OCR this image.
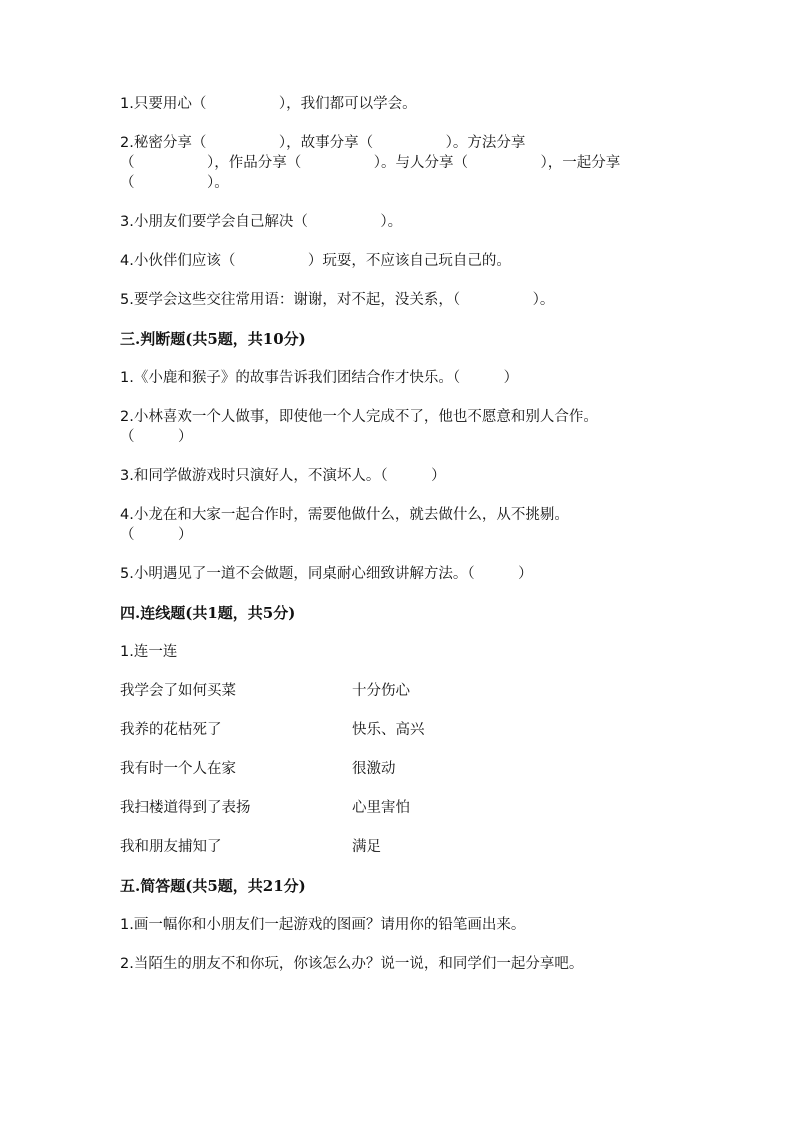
1.只要用心（　　　　　），我们都可以学会。

2.秘密分享（　　　　　），故事分享（　　　　　）。方法分享

（　　　　　），作品分享（　　　　　）。与人分享（　　　　　），一起分享

（　　　　　）。

3.小朋友们要学会自己解决（　　　　　）。

4.小伙伴们应该（　　　　　）玩耍，不应该自己玩自己的。

5.要学会这些交往常用语：谢谢，对不起，没关系，（　　　　　）。

三.判断题(共5题，共10分)

1.《小鹿和猴子》的故事告诉我们团结合作才快乐。（　　　）

2.小林喜欢一个人做事，即使他一个人完成不了，他也不愿意和别人合作。

（　　　）

3.和同学做游戏时只演好人，不演坏人。（　　　）

4.小龙在和大家一起合作时，需要他做什么，就去做什么，从不挑剔。

（　　　）

5.小明遇见了一道不会做题，同桌耐心细致讲解方法。（　　　）

四.连线题(共1题，共5分)

1.连一连

我学会了如何买菜	十分伤心
我养的花枯死了	快乐、高兴
我有时一个人在家	很激动
我扫楼道得到了表扬	心里害怕
我和朋友捕知了	满足

五.简答题(共5题，共21分)

1.画一幅你和小朋友们一起游戏的图画？请用你的铅笔画出来。

2.当陌生的朋友不和你玩，你该怎么办？说一说，和同学们一起分享吧。
